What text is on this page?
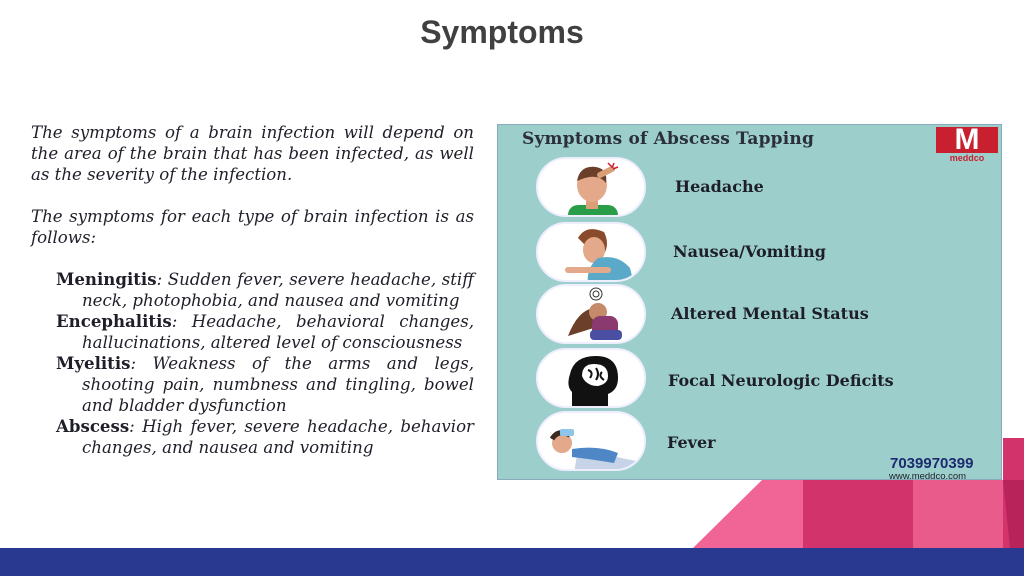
Symptoms

The symptoms of a brain infection will depend on the area of the brain that has been infected, as well as the severity of the infection.

The symptoms for each type of brain infection is as follows:

Meningitis: Sudden fever, severe headache, stiff neck, photophobia, and nausea and vomiting
Encephalitis: Headache, behavioral changes, hallucinations, altered level of consciousness
Myelitis: Weakness of the arms and legs, shooting pain, numbness and tingling, bowel and bladder dysfunction
Abscess: High fever, severe headache, behavior changes, and nausea and vomiting
Symptoms of Abscess Tapping	M
meddco
Headache
Nausea/Vomiting
Altered Mental Status
Focal Neurologic Deficits
Fever
7039970399
www.meddco.com
